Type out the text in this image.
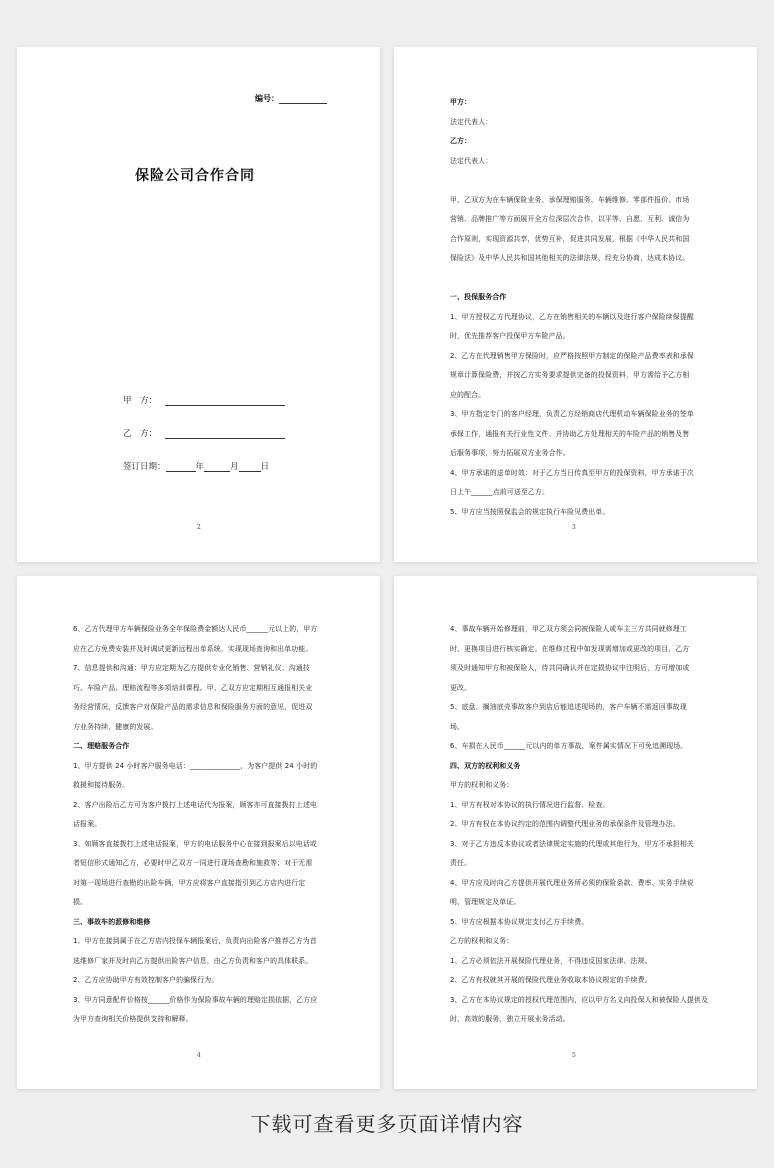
编号：
保险公司合作合同
甲　方：
乙　方：
签订日期：	年	月	日
2
甲方：
法定代表人：
乙方：
法定代表人：
甲、乙双方为在车辆保险业务、承保理赔服务、车辆维修、零部件报价、市场
营销、品牌推广等方面展开全方位深层次合作，以平等、自愿、互利、诚信为
合作原则，实现资源共享，优势互补，促进共同发展，根据《中华人民共和国
保险法》及中华人民共和国其他相关的法律法规，经充分协商，达成本协议。
一、投保服务合作
1、甲方授权乙方代理协议，乙方在销售相关的车辆以及进行客户保险续保提醒
时，优先推荐客户投保甲方车险产品。
2、乙方在代理销售甲方保险时，应严格按照甲方制定的保险产品费率表和承保
规章计算保险费，并按乙方实务要求提供完备的投保资料，甲方需给予乙方相
应的配合。
3、甲方指定专门的客户经理，负责乙方经销商店代理机动车辆保险业务的签单
承保工作，通报有关行业性文件、并协助乙方处理相关的车险产品的销售及售
后服务事项，努力拓展双方业务合作。
4、甲方承诺的送单时效：对于乙方当日传真至甲方的投保资料，甲方承诺于次
日上午______点前可送至乙方。
5、甲方应当按照保监会的规定执行车险见费出单。
3
6、乙方代理甲方车辆保险业务全年保险费金额达人民币______元以上的，甲方
应在乙方免费安装并及时调试更新远程出单系统，实现现场查询和出单功能。
7、信息提供和沟通：甲方应定期为乙方提供专业化销售、营销礼仪、沟通技
巧、车险产品、理赔流程等多项培训课程。甲、乙双方应定期相互通报相关业
务经营情况，反馈客户对保险产品的需求信息和保险服务方面的意见，促进双
方业务持续、健康的发展。
二、理赔服务合作
1、甲方提供 24 小时客户服务电话：______________，为客户提供 24 小时的
救援和接待服务。
2、客户出险后乙方可为客户拨打上述电话代为报案，顾客亦可直接拨打上述电
话报案。
3、如顾客直接拨打上述电话报案，甲方的电话服务中心在接到报案后以电话或
者短信形式通知乙方，必要时甲乙双方一同进行现场查勘和施救等；对于无需
对第一现场进行查勘的出险车俩，甲方应将客户直接指引到乙方店内进行定
损。
三、事故车的派修和维修
1、甲方在接到属于在乙方店内投保车辆报案后，负责向出险客户推荐乙方为首
选维修厂家并及时向乙方提供出险客户信息，由乙方负责和客户的具体联系。
2、乙方应协助甲方有效控制客户的骗保行为。
3、甲方同意配件价格按______价格作为保险事故车辆的理赔定损依据，乙方应
为甲方查询相关价格提供支持和解释。
4
4、事故车辆开始修理前，甲乙双方须会同被保险人或车主三方共同就修理工
时、更换项目进行核实确定。在维修过程中如发现需增加或更改的项目，乙方
须及时通知甲方和被保险人，待共同确认并在定损协议中注明后，方可增加或
更改。
5、底盘、搁油底壳事故客户到店后能追述现场的，客户车辆不需返回事故现
场。
6、车损在人民币______元以内的单方事故，案件属实情况下可免追溯现场。
四、双方的权利和义务
甲方的权利和义务：
1、甲方有权对本协议的执行情况进行监督、检查。
2、甲方有权在本协议约定的范围内调整代理业务的承保条件及管理办法。
3、对于乙方违反本协议或者法律规定实施的代理或其他行为，甲方不承担相关
责任。
4、甲方应及时向乙方提供开展代理业务所必须的保险条款、费率、实务手续说
明、管理规定及单证。
5、甲方应根据本协议规定支付乙方手续费。
乙方的权利和义务：
1、乙方必须依法开展保险代理业务，不得违反国家法律、法规。
2、乙方有权就其开展的保险代理业务收取本协议规定的手续费。
3、乙方在本协议规定的授权代理范围内，应以甲方名义向投保人和被保险人提供及
时、高效的服务，独立开展业务活动。
5
下载可查看更多页面详情内容
